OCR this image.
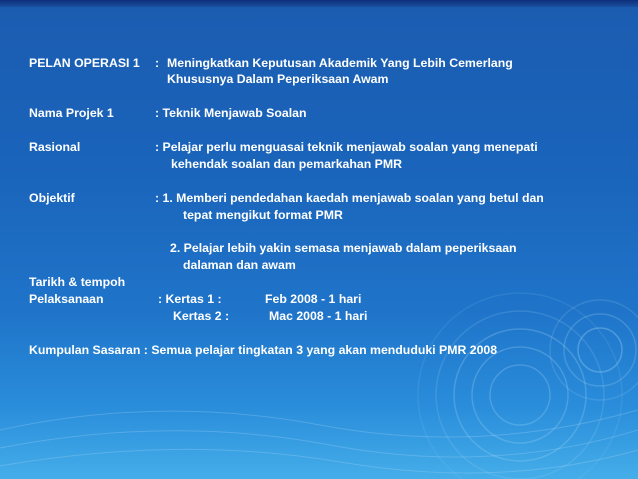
PELAN OPERASI 1 : Meningkatkan Keputusan Akademik Yang Lebih Cemerlang
Khususnya Dalam Peperiksaan Awam
Nama Projek 1	: Teknik Menjawab Soalan
Rasional	: Pelajar perlu menguasai teknik menjawab soalan yang menepati
kehendak soalan dan pemarkahan PMR
Objektif	: 1. Memberi pendedahan kaedah menjawab soalan yang betul dan
tepat mengikut format PMR
2. Pelajar lebih yakin semasa menjawab dalam peperiksaan
dalaman dan awam
Tarikh & tempoh
Pelaksanaan	: Kertas 1 :	Feb 2008 - 1 hari
Kertas 2 :	Mac 2008 - 1 hari
Kumpulan Sasaran : Semua pelajar tingkatan 3 yang akan menduduki PMR 2008
